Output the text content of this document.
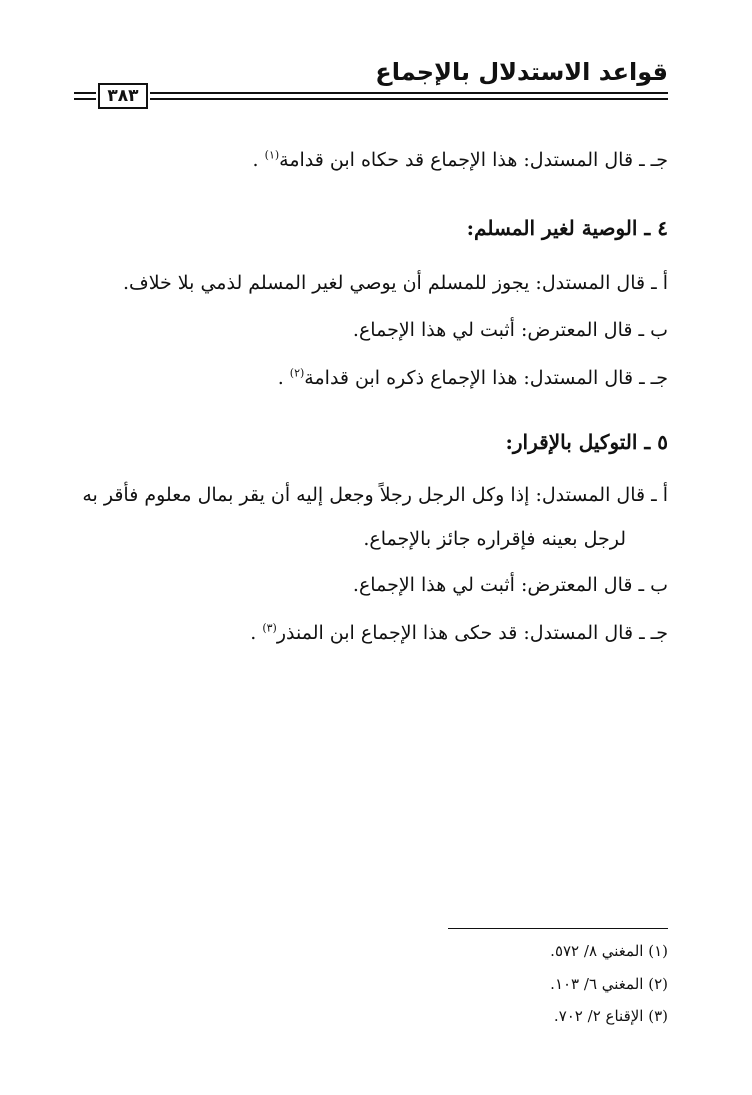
قواعد الاستدلال بالإجماع
٣٨٣
جـ ـ قال المستدل: هذا الإجماع قد حكاه ابن قدامة$^{(١)}$ .
٤ ـ الوصية لغير المسلم:
أ ـ قال المستدل: يجوز للمسلم أن يوصي لغير المسلم لذمي بلا خلاف.
ب ـ قال المعترض: أثبت لي هذا الإجماع.
جـ ـ قال المستدل: هذا الإجماع ذكره ابن قدامة$^{(٢)}$ .
٥ ـ التوكيل بالإقرار:
أ ـ قال المستدل: إذا وكل الرجل رجلاً وجعل إليه أن يقر بمال معلوم فأقر به
لرجل بعينه فإقراره جائز بالإجماع.
ب ـ قال المعترض: أثبت لي هذا الإجماع.
جـ ـ قال المستدل: قد حكى هذا الإجماع ابن المنذر$^{(٣)}$ .
(١) المغني ٨/ ٥٧٢.
(٢) المغني ٦/ ١٠٣.
(٣) الإقناع ٢/ ٧٠٢.
